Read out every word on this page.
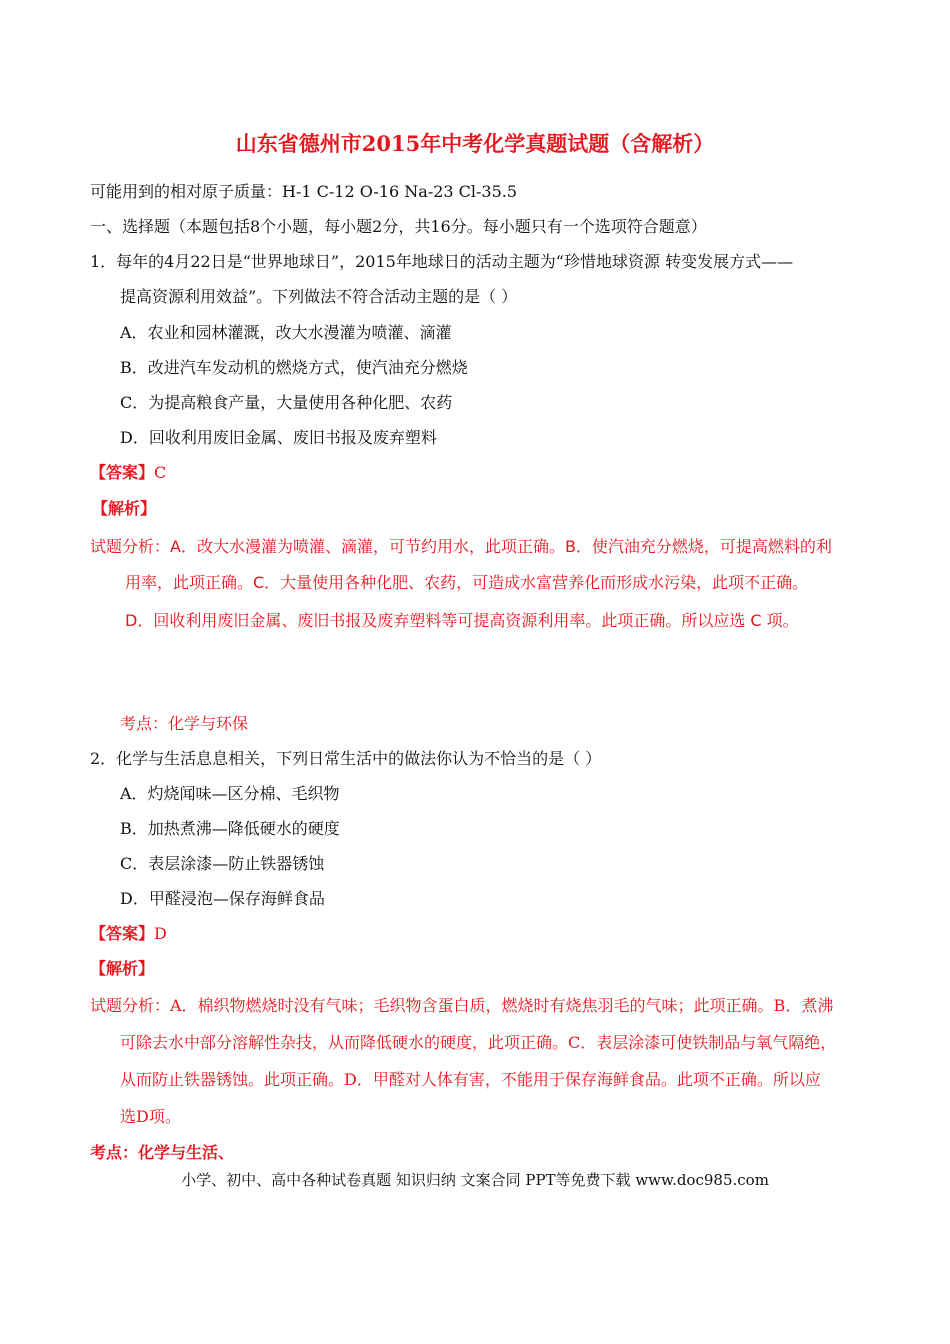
山东省德州市2015年中考化学真题试题（含解析）
可能用到的相对原子质量：H-1 C-12 O-16 Na-23 Cl-35.5
一、选择题（本题包括8个小题，每小题2分，共16分。每小题只有一个选项符合题意）
1．每年的4月22日是“世界地球日”，2015年地球日的活动主题为“珍惜地球资源 转变发展方式——
提高资源利用效益”。下列做法不符合活动主题的是（ ）
A．农业和园林灌溉，改大水漫灌为喷灌、滴灌
B．改进汽车发动机的燃烧方式，使汽油充分燃烧
C．为提高粮食产量，大量使用各种化肥、农药
D．回收利用废旧金属、废旧书报及废弃塑料
【答案】C
【解析】
试题分析：A．改大水漫灌为喷灌、滴灌，可节约用水，此项正确。B．使汽油充分燃烧，可提高燃料的利
用率，此项正确。C．大量使用各种化肥、农药，可造成水富营养化而形成水污染，此项不正确。
D．回收利用废旧金属、废旧书报及废弃塑料等可提高资源利用率。此项正确。所以应选 C 项。
考点：化学与环保
2．化学与生活息息相关，下列日常生活中的做法你认为不恰当的是（ ）
A．灼烧闻味—区分棉、毛织物
B．加热煮沸—降低硬水的硬度
C．表层涂漆—防止铁器锈蚀
D．甲醛浸泡—保存海鲜食品
【答案】D
【解析】
试题分析：A．棉织物燃烧时没有气味；毛织物含蛋白质，燃烧时有烧焦羽毛的气味；此项正确。B．煮沸
可除去水中部分溶解性杂技，从而降低硬水的硬度，此项正确。C．表层涂漆可使铁制品与氧气隔绝，
从而防止铁器锈蚀。此项正确。D．甲醛对人体有害，不能用于保存海鲜食品。此项不正确。所以应
选D项。
考点：化学与生活、
小学、初中、高中各种试卷真题 知识归纳 文案合同 PPT等免费下载 www.doc985.com
